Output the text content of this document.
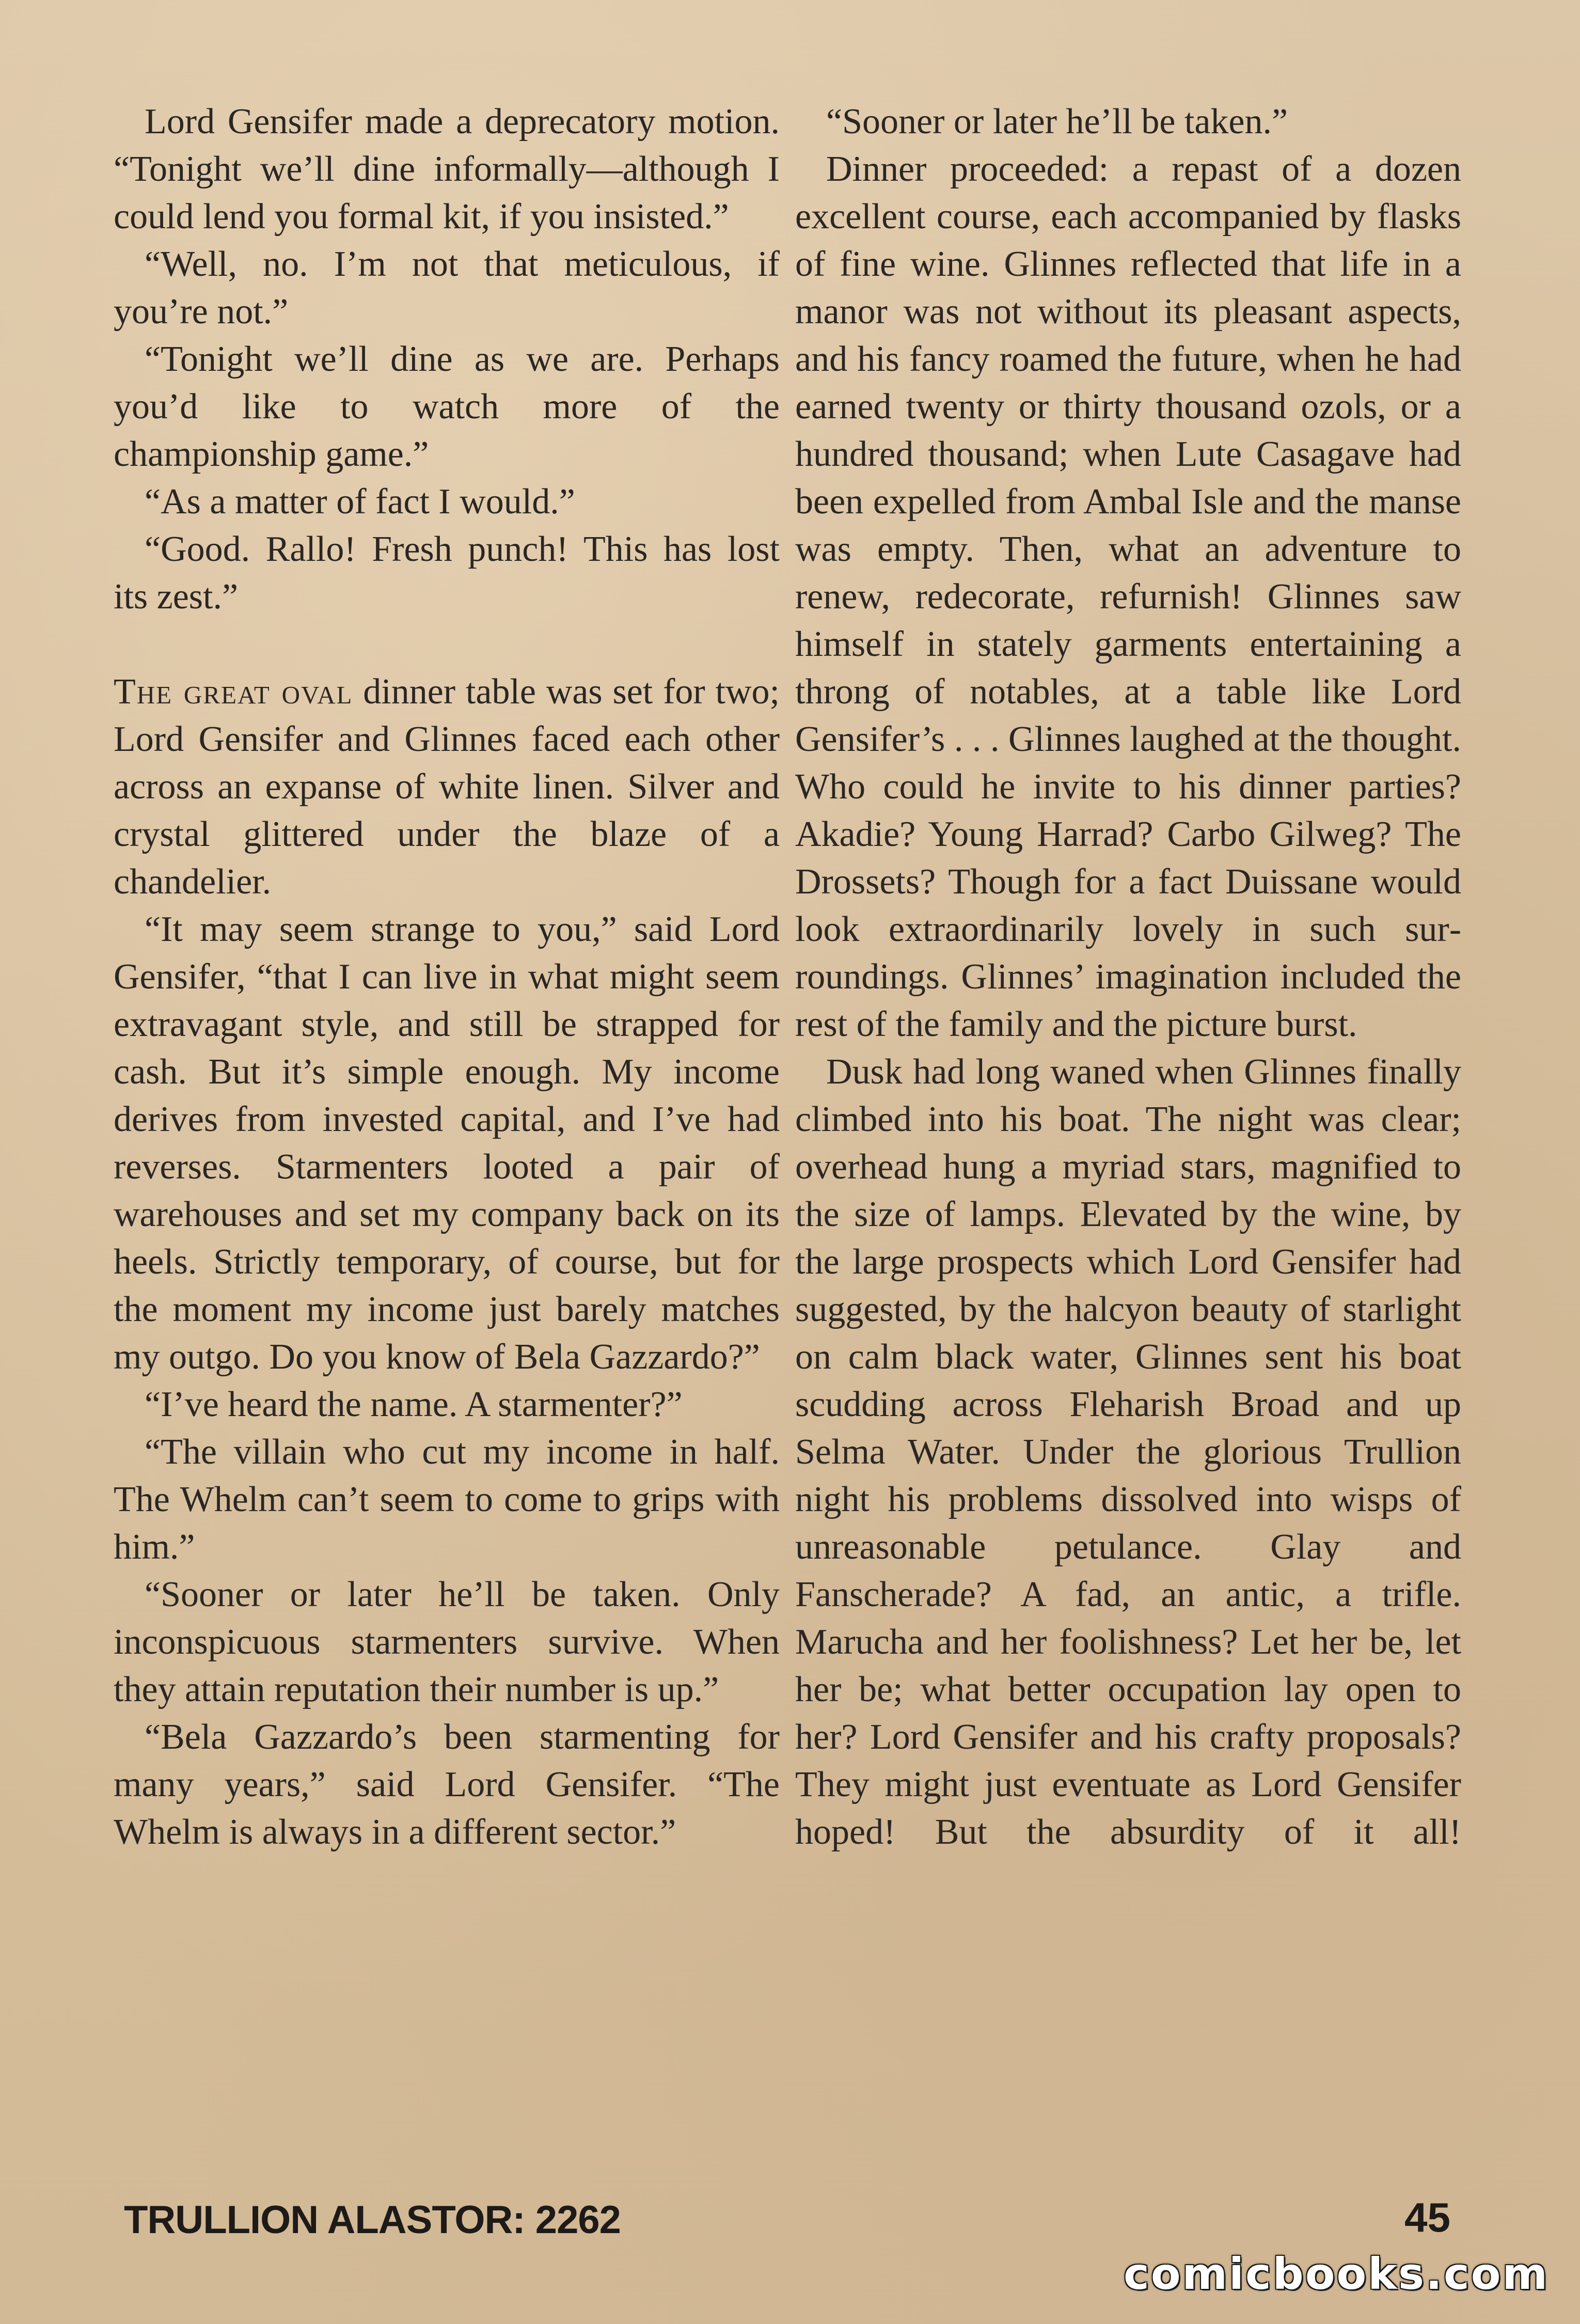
Lord Gensifer made a deprecatory motion. “Tonight we’ll dine informally—although I could lend you formal kit, if you insisted.”

“Well, no. I’m not that meticulous, if you’re not.”

“Tonight we’ll dine as we are. Perhaps you’d like to watch more of the championship game.”

“As a matter of fact I would.”

“Good. Rallo! Fresh punch! This has lost its zest.”

The great oval dinner table was set for two; Lord Gensifer and Glinnes faced each other across an expanse of white linen. Silver and crystal glittered under the blaze of a chandelier.

“It may seem strange to you,” said Lord Gensifer, “that I can live in what might seem extravagant style, and still be strapped for cash. But it’s simple enough. My income derives from invested capital, and I’ve had reverses. Starmenters looted a pair of warehouses and set my company back on its heels. Strictly temporary, of course, but for the moment my income just barely matches my outgo. Do you know of Bela Gazzardo?”

“I’ve heard the name. A starmenter?”

“The villain who cut my income in half. The Whelm can’t seem to come to grips with him.”

“Sooner or later he’ll be taken. Only inconspicuous starmenters survive. When they attain reputation their number is up.”

“Bela Gazzardo’s been starmenting for many years,” said Lord Gensifer. “The Whelm is always in a different sector.”

“Sooner or later he’ll be taken.”

Dinner proceeded: a repast of a dozen excellent course, each accompanied by flasks of fine wine. Glinnes reflected that life in a manor was not without its pleasant aspects, and his fancy roamed the future, when he had earned twenty or thirty thousand ozols, or a hundred thousand; when Lute Casagave had been expelled from Ambal Isle and the manse was empty. Then, what an adventure to renew, redecorate, refurnish! Glinnes saw himself in stately garments entertaining a throng of notables, at a table like Lord Gensifer’s . . . Glinnes laughed at the thought. Who could he invite to his dinner parties? Akadie? Young Harrad? Carbo Gilweg? The Drossets? Though for a fact Duissane would look extraordinarily lovely in such surroundings. Glinnes’ imagination included the rest of the family and the picture burst.

Dusk had long waned when Glinnes finally climbed into his boat. The night was clear; overhead hung a myriad stars, magnified to the size of lamps. Elevated by the wine, by the large prospects which Lord Gensifer had suggested, by the halcyon beauty of starlight on calm black water, Glinnes sent his boat scudding across Fleharish Broad and up Selma Water. Under the glorious Trullion night his problems dissolved into wisps of unreasonable petulance. Glay and Fanscherade? A fad, an antic, a trifle. Marucha and her foolishness? Let her be, let her be; what better occupation lay open to her? Lord Gensifer and his crafty proposals? They might just eventuate as Lord Gensifer hoped! But the absurdity of it all!

TRULLION ALASTOR: 2262	45
comicbooks.com
